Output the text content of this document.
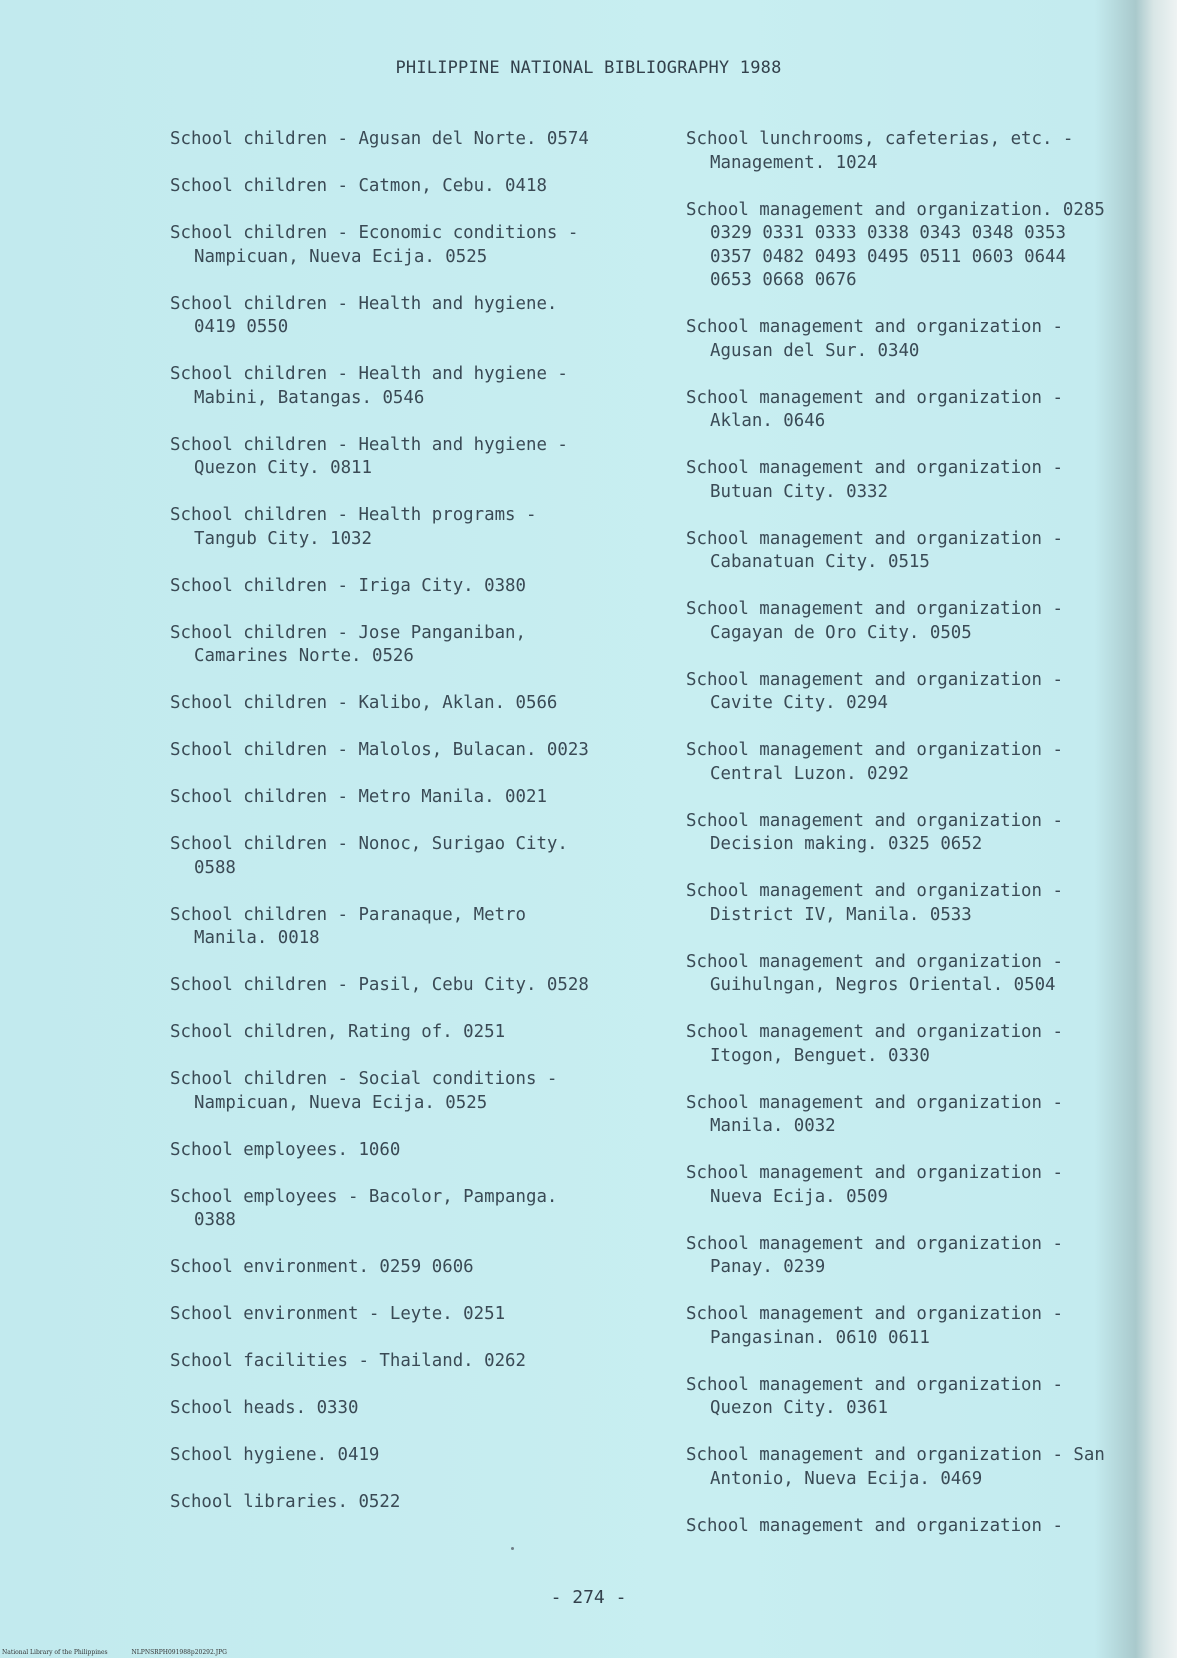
PHILIPPINE NATIONAL BIBLIOGRAPHY 1988

School children - Agusan del Norte. 0574

School children - Catmon, Cebu. 0418

School children - Economic conditions -
Nampicuan, Nueva Ecija. 0525

School children - Health and hygiene.
0419 0550

School children - Health and hygiene -
Mabini, Batangas. 0546

School children - Health and hygiene -
Quezon City. 0811

School children - Health programs -
Tangub City. 1032

School children - Iriga City. 0380

School children - Jose Panganiban,
Camarines Norte. 0526

School children - Kalibo, Aklan. 0566

School children - Malolos, Bulacan. 0023

School children - Metro Manila. 0021

School children - Nonoc, Surigao City.
0588

School children - Paranaque, Metro
Manila. 0018

School children - Pasil, Cebu City. 0528

School children, Rating of. 0251

School children - Social conditions -
Nampicuan, Nueva Ecija. 0525

School employees. 1060

School employees - Bacolor, Pampanga.
0388

School environment. 0259 0606

School environment - Leyte. 0251

School facilities - Thailand. 0262

School heads. 0330

School hygiene. 0419

School libraries. 0522

School lunchrooms, cafeterias, etc. -
Management. 1024

School management and organization. 0285
0329 0331 0333 0338 0343 0348 0353
0357 0482 0493 0495 0511 0603 0644
0653 0668 0676

School management and organization -
Agusan del Sur. 0340

School management and organization -
Aklan. 0646

School management and organization -
Butuan City. 0332

School management and organization -
Cabanatuan City. 0515

School management and organization -
Cagayan de Oro City. 0505

School management and organization -
Cavite City. 0294

School management and organization -
Central Luzon. 0292

School management and organization -
Decision making. 0325 0652

School management and organization -
District IV, Manila. 0533

School management and organization -
Guihulngan, Negros Oriental. 0504

School management and organization -
Itogon, Benguet. 0330

School management and organization -
Manila. 0032

School management and organization -
Nueva Ecija. 0509

School management and organization -
Panay. 0239

School management and organization -
Pangasinan. 0610 0611

School management and organization -
Quezon City. 0361

School management and organization - San
Antonio, Nueva Ecija. 0469

School management and organization -

- 274 -
National Library of the Philippines	NLPNSRPH091988p20292.JPG
